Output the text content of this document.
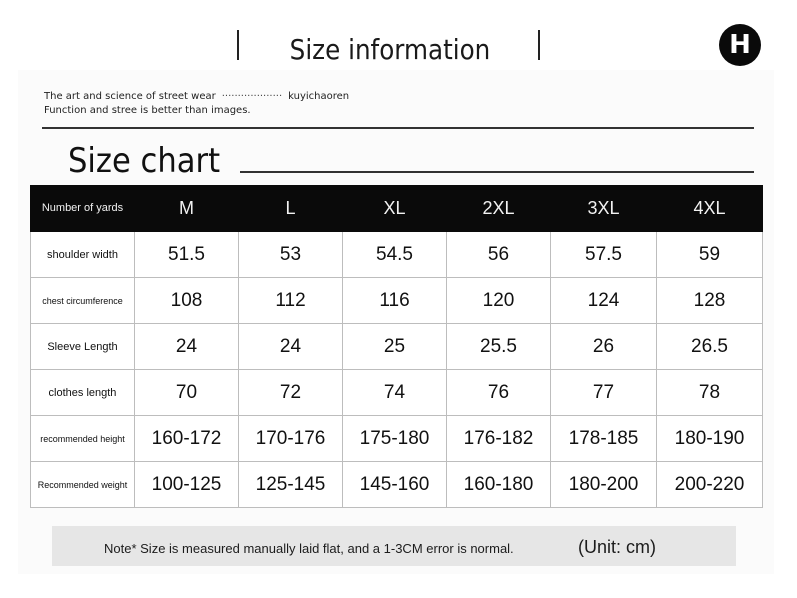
Size information	H
The art and science of street wear ··················· kuyichaoren
Function and stree is better than images.
Size chart
Number of yards	M	L	XL	2XL	3XL	4XL
shoulder width	51.5	53	54.5	56	57.5	59
chest circumference	108	112	116	120	124	128
Sleeve Length	24	24	25	25.5	26	26.5
clothes length	70	72	74	76	77	78
recommended height	160-172	170-176	175-180	176-182	178-185	180-190
Recommended weight	100-125	125-145	145-160	160-180	180-200	200-220
Note* Size is measured manually laid flat, and a 1-3CM error is normal.	(Unit: cm)
